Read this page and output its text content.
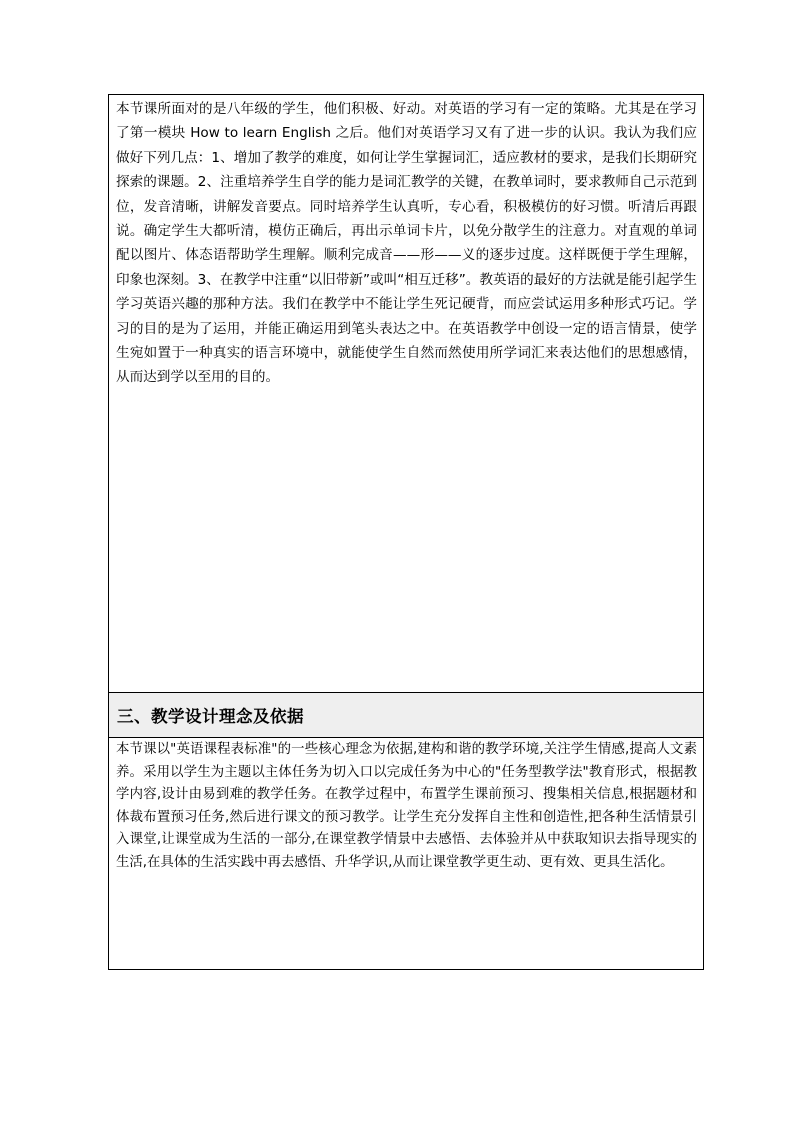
本节课所面对的是八年级的学生，他们积极、好动。对英语的学习有一定的策略。尤其是在学习了第一模块 How to learn English 之后。他们对英语学习又有了进一步的认识。我认为我们应做好下列几点：1、增加了教学的难度，如何让学生掌握词汇，适应教材的要求，是我们长期研究探索的课题。2、注重培养学生自学的能力是词汇教学的关键，在教单词时，要求教师自己示范到位，发音清晰，讲解发音要点。同时培养学生认真听，专心看，积极模仿的好习惯。听清后再跟说。确定学生大都听清，模仿正确后，再出示单词卡片，以免分散学生的注意力。对直观的单词配以图片、体态语帮助学生理解。顺利完成音——形——义的逐步过度。这样既便于学生理解，印象也深刻。3、在教学中注重“以旧带新”或叫“相互迁移”。教英语的最好的方法就是能引起学生学习英语兴趣的那种方法。我们在教学中不能让学生死记硬背，而应尝试运用多种形式巧记。学习的目的是为了运用，并能正确运用到笔头表达之中。在英语教学中创设一定的语言情景，使学生宛如置于一种真实的语言环境中，就能使学生自然而然使用所学词汇来表达他们的思想感情，从而达到学以至用的目的。

三、教学设计理念及依据

本节课以"英语课程表标准"的一些核心理念为依据,建构和谐的教学环境,关注学生情感,提高人文素养。采用以学生为主题以主体任务为切入口以完成任务为中心的"任务型教学法"教育形式，根据教学内容,设计由易到难的教学任务。在教学过程中，布置学生课前预习、搜集相关信息,根据题材和体裁布置预习任务,然后进行课文的预习教学。让学生充分发挥自主性和创造性,把各种生活情景引入课堂,让课堂成为生活的一部分,在课堂教学情景中去感悟、去体验并从中获取知识去指导现实的生活,在具体的生活实践中再去感悟、升华学识,从而让课堂教学更生动、更有效、更具生活化。
